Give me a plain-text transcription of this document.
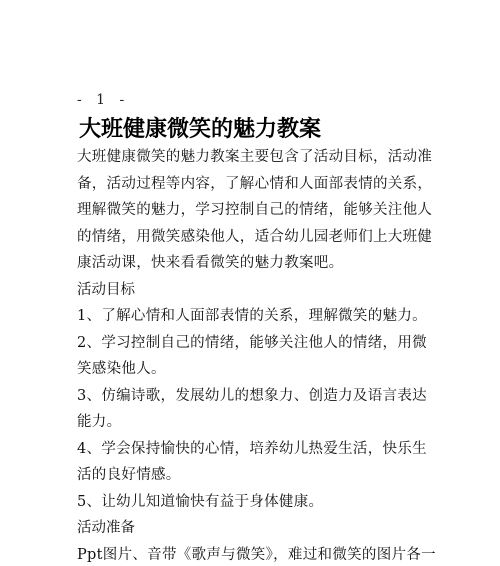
- 1 -
大班健康微笑的魅力教案
大班健康微笑的魅力教案主要包含了活动目标，活动准
备，活动过程等内容，了解心情和人面部表情的关系，
理解微笑的魅力，学习控制自己的情绪，能够关注他人
的情绪，用微笑感染他人，适合幼儿园老师们上大班健
康活动课，快来看看微笑的魅力教案吧。
活动目标
1、了解心情和人面部表情的关系，理解微笑的魅力。
2、学习控制自己的情绪，能够关注他人的情绪，用微
笑感染他人。
3、仿编诗歌，发展幼儿的想象力、创造力及语言表达
能力。
4、学会保持愉快的心情，培养幼儿热爱生活，快乐生
活的良好情感。
5、让幼儿知道愉快有益于身体健康。
活动准备
Ppt图片、音带《歌声与微笑》，难过和微笑的图片各一
